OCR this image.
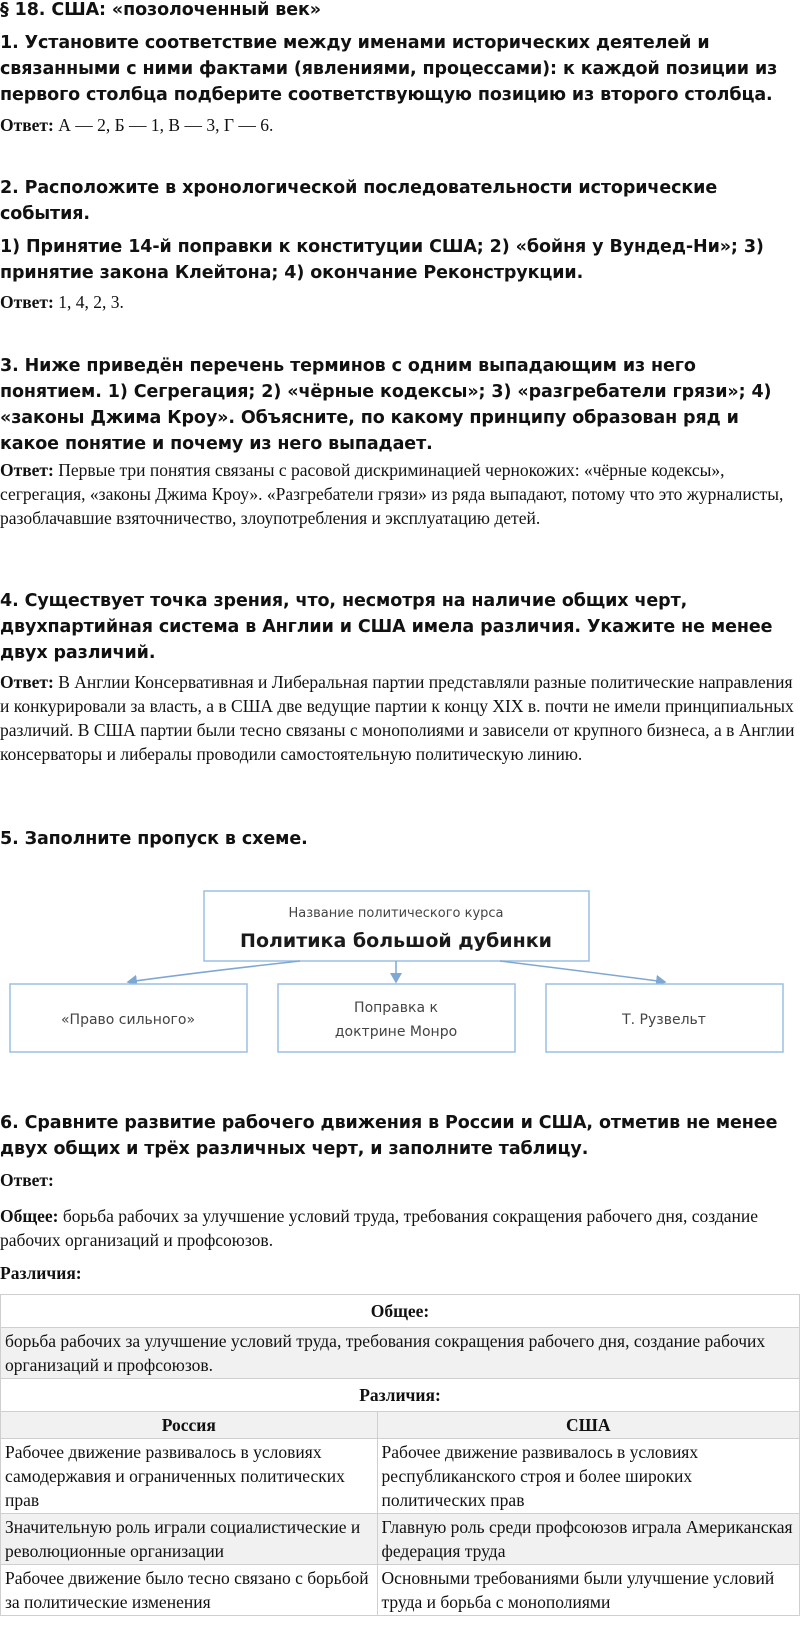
§ 18. США: «позолоченный век»
1. Установите соответствие между именами исторических деятелей и связанными с ними фактами (явлениями, процессами): к каждой позиции из первого столбца подберите соответствующую позицию из второго столбца.
Ответ: А — 2, Б — 1, В — 3, Г — 6.
2. Расположите в хронологической последовательности исторические события.
1) Принятие 14-й поправки к конституции США; 2) «бойня у Вундед-Ни»; 3) принятие закона Клейтона; 4) окончание Реконструкции.
Ответ: 1, 4, 2, 3.
3. Ниже приведён перечень терминов с одним выпадающим из него понятием. 1) Сегрегация; 2) «чёрные кодексы»; 3) «разгребатели грязи»; 4) «законы Джима Кроу». Объясните, по какому принципу образован ряд и какое понятие и почему из него выпадает.
Ответ: Первые три понятия связаны с расовой дискриминацией чернокожих: «чёрные кодексы», сегрегация, «законы Джима Кроу». «Разгребатели грязи» из ряда выпадают, потому что это журналисты, разоблачавшие взяточничество, злоупотребления и эксплуатацию детей.
4. Существует точка зрения, что, несмотря на наличие общих черт, двухпартийная система в Англии и США имела различия. Укажите не менее двух различий.
Ответ: В Англии Консервативная и Либеральная партии представляли разные политические направления и конкурировали за власть, а в США две ведущие партии к концу XIX в. почти не имели принципиальных различий. В США партии были тесно связаны с монополиями и зависели от крупного бизнеса, а в Англии консерваторы и либералы проводили самостоятельную политическую линию.
5. Заполните пропуск в схеме.
Название политического курса
Политика большой дубинки
«Право сильного»
Поправка к
доктрине Монро
Т. Рузвельт
6. Сравните развитие рабочего движения в России и США, отметив не менее двух общих и трёх различных черт, и заполните таблицу.
Ответ:
Общее: борьба рабочих за улучшение условий труда, требования сокращения рабочего дня, создание рабочих организаций и профсоюзов.
Различия:
Общее:	
борьба рабочих за улучшение условий труда, требования сокращения рабочего дня, создание рабочих организаций и профсоюзов.	
Различия:	
Россия	США
Рабочее движение развивалось в условиях самодержавия и ограниченных политических прав	Рабочее движение развивалось в условиях республиканского строя и более широких политических прав
Значительную роль играли социалистические и революционные организации	Главную роль среди профсоюзов играла Американская федерация труда
Рабочее движение было тесно связано с борьбой за политические изменения	Основными требованиями были улучшение условий труда и борьба с монополиями
